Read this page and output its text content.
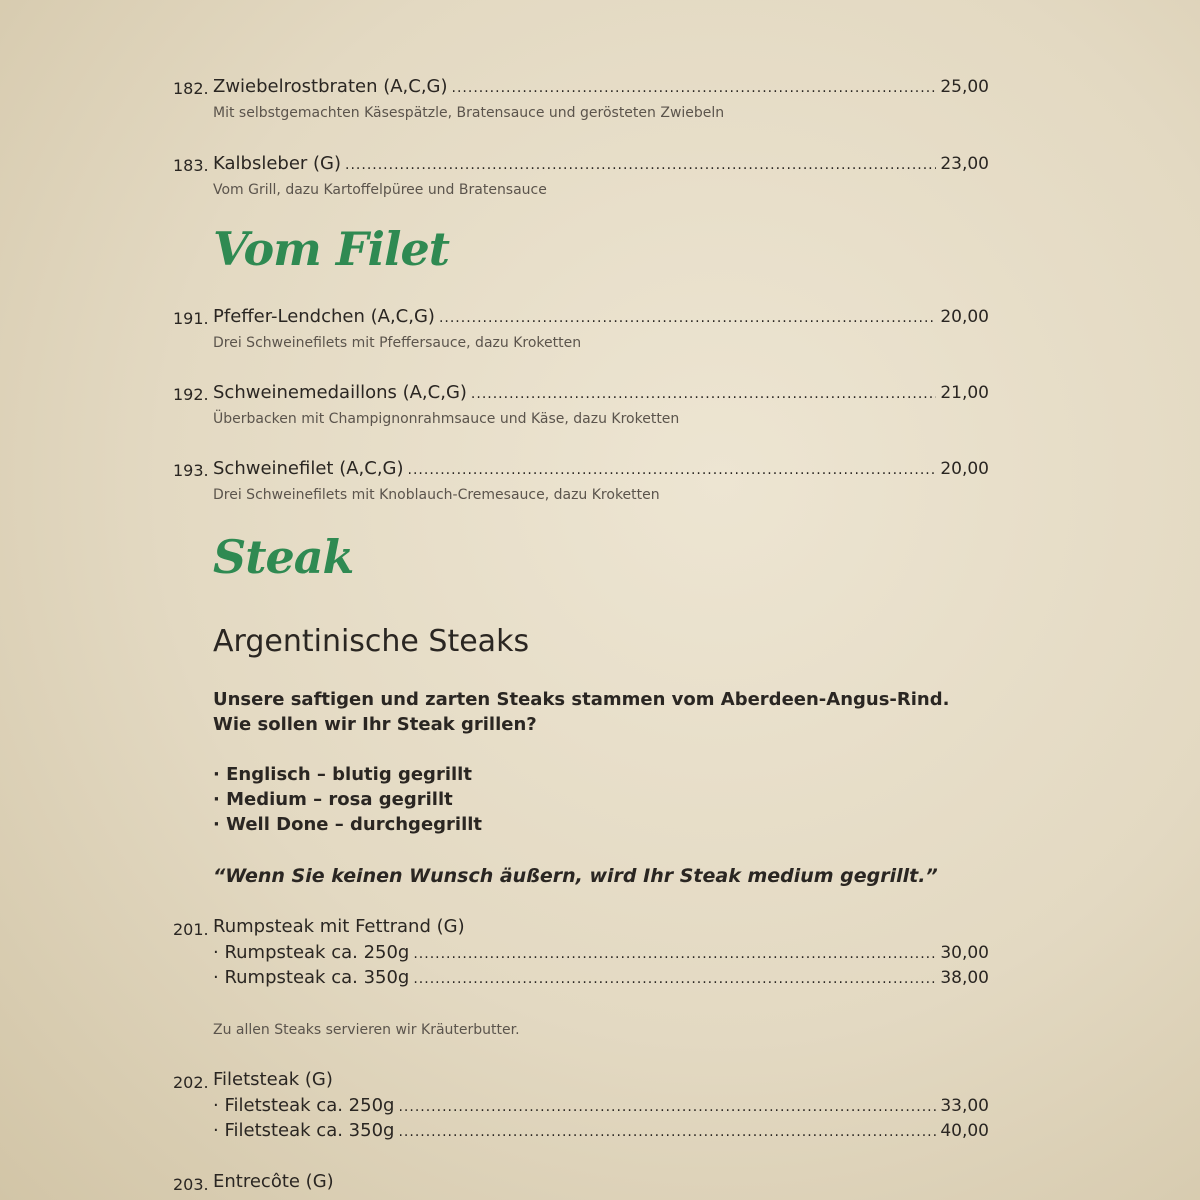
182. Zwiebelrostbraten (A,C,G) .....	25,00
Mit selbstgemachten Käsespätzle, Bratensauce und gerösteten Zwiebeln
183. Kalbsleber (G) .....	23,00
Vom Grill, dazu Kartoffelpüree und Bratensauce
Vom Filet
191. Pfeffer-Lendchen (A,C,G) .....	20,00
Drei Schweinefilets mit Pfeffersauce, dazu Kroketten
192. Schweinemedaillons (A,C,G) .....	21,00
Überbacken mit Champignonrahmsauce und Käse, dazu Kroketten
193. Schweinefilet (A,C,G) .....	20,00
Drei Schweinefilets mit Knoblauch-Cremesauce, dazu Kroketten
Steak
Argentinische Steaks
Unsere saftigen und zarten Steaks stammen vom Aberdeen-Angus-Rind.
Wie sollen wir Ihr Steak grillen?
· Englisch – blutig gegrillt
· Medium – rosa gegrillt
· Well Done – durchgegrillt
“Wenn Sie keinen Wunsch äußern, wird Ihr Steak medium gegrillt.”
201. Rumpsteak mit Fettrand (G)
· Rumpsteak ca. 250g .....	30,00
· Rumpsteak ca. 350g .....	38,00
Zu allen Steaks servieren wir Kräuterbutter.
202. Filetsteak (G)
· Filetsteak ca. 250g .....	33,00
· Filetsteak ca. 350g .....	40,00
203. Entrecôte (G)
